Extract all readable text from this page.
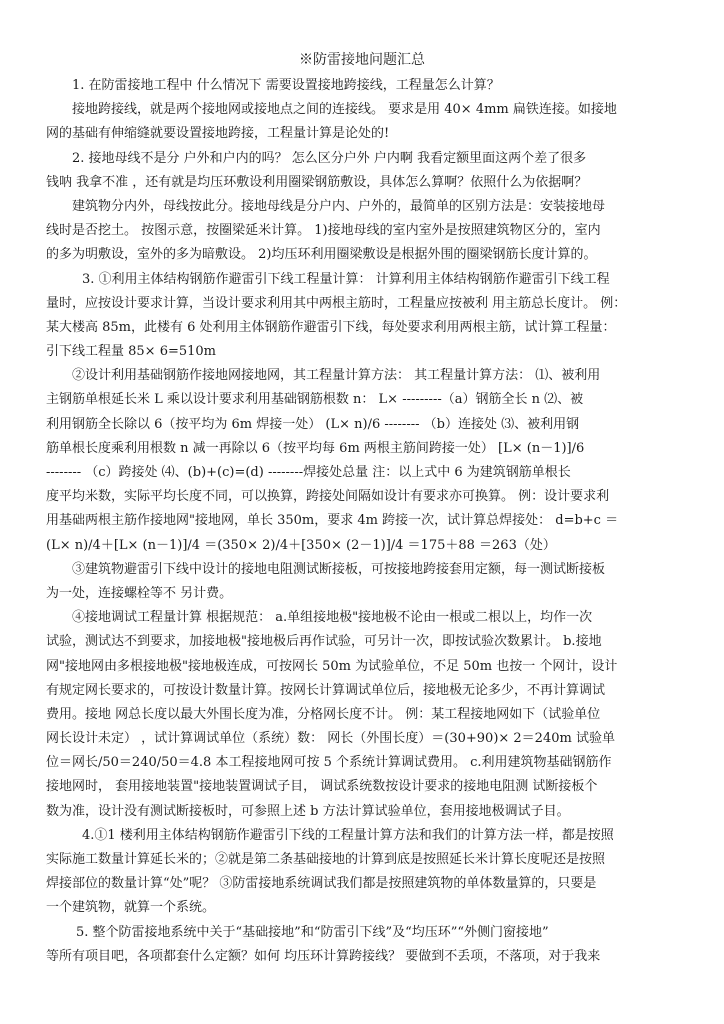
※防雷接地问题汇总
1. 在防雷接地工程中 什么情况下 需要设置接地跨接线，工程量怎么计算？
接地跨接线，就是两个接地网或接地点之间的连接线。 要求是用 40× 4mm 扁铁连接。如接地
网的基础有伸缩缝就要设置接地跨接，工程量计算是论处的!
2. 接地母线不是分 户外和户内的吗？ 怎么区分户外 户内啊 我看定额里面这两个差了很多
钱呐 我拿不准 ，还有就是均压环敷设利用圈梁钢筋敷设，具体怎么算啊？依照什么为依据啊？
建筑物分内外，母线按此分。接地母线是分户内、户外的，最简单的区别方法是：安装接地母
线时是否挖土。 按图示意，按圈梁延米计算。 1)接地母线的室内室外是按照建筑物区分的，室内
的多为明敷设，室外的多为暗敷设。 2)均压环利用圈梁敷设是根据外围的圈梁钢筋长度计算的。
3. ①利用主体结构钢筋作避雷引下线工程量计算： 计算利用主体结构钢筋作避雷引下线工程
量时，应按设计要求计算，当设计要求利用其中两根主筋时，工程量应按被利 用主筋总长度计。 例：
某大楼高 85m，此楼有 6 处利用主体钢筋作避雷引下线，每处要求利用两根主筋，试计算工程量：
引下线工程量 85× 6=510m
②设计利用基础钢筋作接地网接地网，其工程量计算方法： 其工程量计算方法： ⑴、被利用
主钢筋单根延长米 L 乘以设计要求利用基础钢筋根数 n： L× ---------（a）钢筋全长 n ⑵、被
利用钢筋全长除以 6（按平均为 6m 焊接一处） (L× n)/6 -------- （b）连接处 ⑶、被利用钢
筋单根长度乘利用根数 n 减一再除以 6（按平均每 6m 两根主筋间跨接一处） [L× (n－1)]/6
-------- （c）跨接处 ⑷、(b)+(c)=(d) --------焊接处总量 注：以上式中 6 为建筑钢筋单根长
度平均米数，实际平均长度不同，可以换算，跨接处间隔如设计有要求亦可换算。 例：设计要求利
用基础两根主筋作接地网"接地网，单长 350m，要求 4m 跨接一次，试计算总焊接处： d=b+c ＝
(L× n)/4＋[L× (n－1)]/4 ＝(350× 2)/4＋[350× (2－1)]/4 ＝175＋88 ＝263（处）
③建筑物避雷引下线中设计的接地电阻测试断接板，可按接地跨接套用定额，每一测试断接板
为一处，连接螺栓等不 另计费。
④接地调试工程量计算 根据规范： a.单组接地极"接地极不论由一根或二根以上，均作一次
试验，测试达不到要求，加接地极"接地极后再作试验，可另计一次，即按试验次数累计。 b.接地
网"接地网由多根接地极"接地极连成，可按网长 50m 为试验单位，不足 50m 也按一 个网计，设计
有规定网长要求的，可按设计数量计算。按网长计算调试单位后，接地极无论多少，不再计算调试
费用。接地 网总长度以最大外围长度为准，分格网长度不计。 例：某工程接地网如下（试验单位
网长设计未定） ，试计算调试单位（系统）数： 网长（外围长度）＝(30+90)× 2＝240m 试验单
位＝网长/50＝240/50＝4.8 本工程接地网可按 5 个系统计算调试费用。 c.利用建筑物基础钢筋作
接地网时， 套用接地装置"接地装置调试子目， 调试系统数按设计要求的接地电阻测 试断接板个
数为准，设计没有测试断接板时，可参照上述 b 方法计算试验单位，套用接地极调试子目。
4.①1 楼利用主体结构钢筋作避雷引下线的工程量计算方法和我们的计算方法一样，都是按照
实际施工数量计算延长米的；②就是第二条基础接地的计算到底是按照延长米计算长度呢还是按照
焊接部位的数量计算“处”呢？ ③防雷接地系统调试我们都是按照建筑物的单体数量算的，只要是
一个建筑物，就算一个系统。
5. 整个防雷接地系统中关于“基础接地”和“防雷引下线”及“均压环”“外侧门窗接地”
等所有项目吧，各项都套什么定额？如何 均压环计算跨接线？ 要做到不丢项，不落项，对于我来
